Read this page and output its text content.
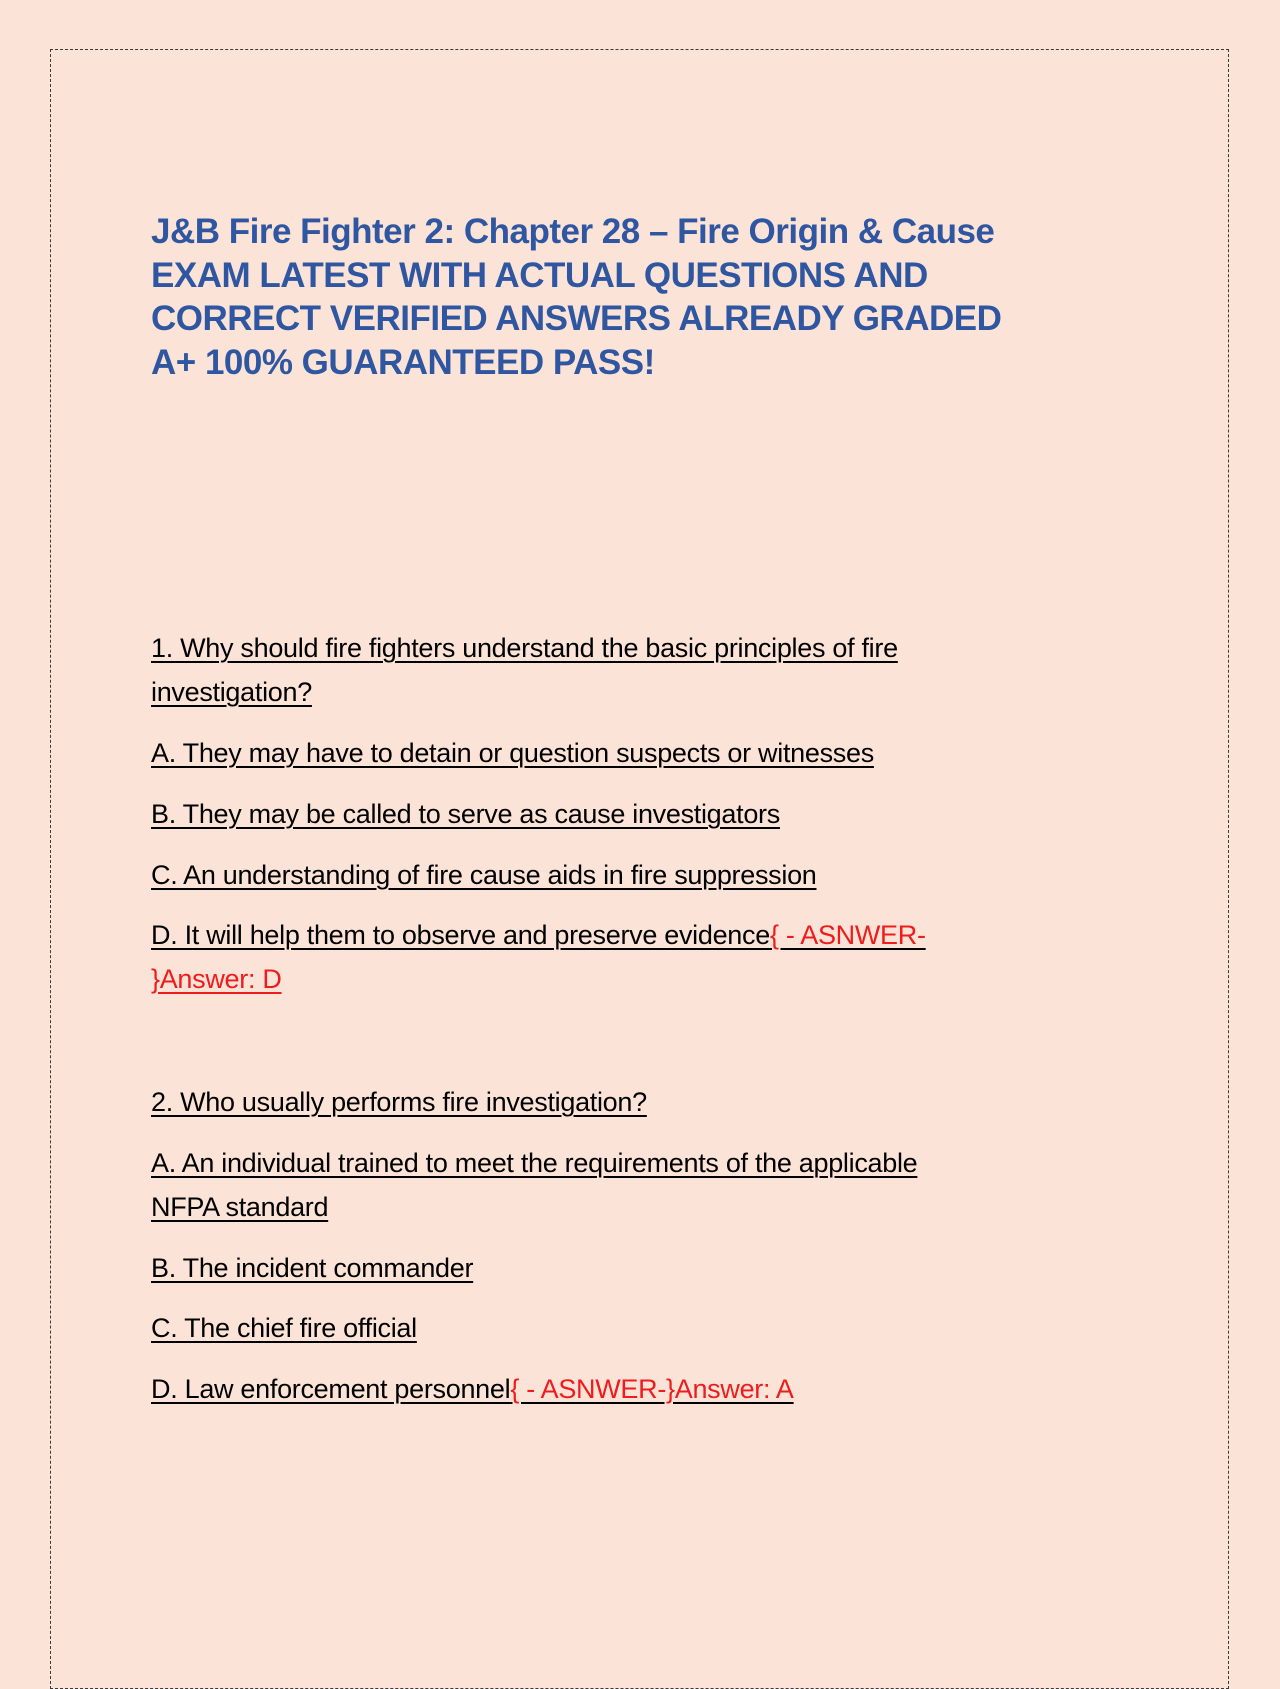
J&B Fire Fighter 2: Chapter 28 – Fire Origin & Cause
EXAM LATEST WITH ACTUAL QUESTIONS AND
CORRECT VERIFIED ANSWERS ALREADY GRADED
A+ 100% GUARANTEED PASS!
1. Why should fire fighters understand the basic principles of fire
investigation?
A. They may have to detain or question suspects or witnesses
B. They may be called to serve as cause investigators
C. An understanding of fire cause aids in fire suppression
D. It will help them to observe and preserve evidence{ - ASNWER-
}Answer: D
2. Who usually performs fire investigation?
A. An individual trained to meet the requirements of the applicable
NFPA standard
B. The incident commander
C. The chief fire official
D. Law enforcement personnel{ - ASNWER-}Answer: A
